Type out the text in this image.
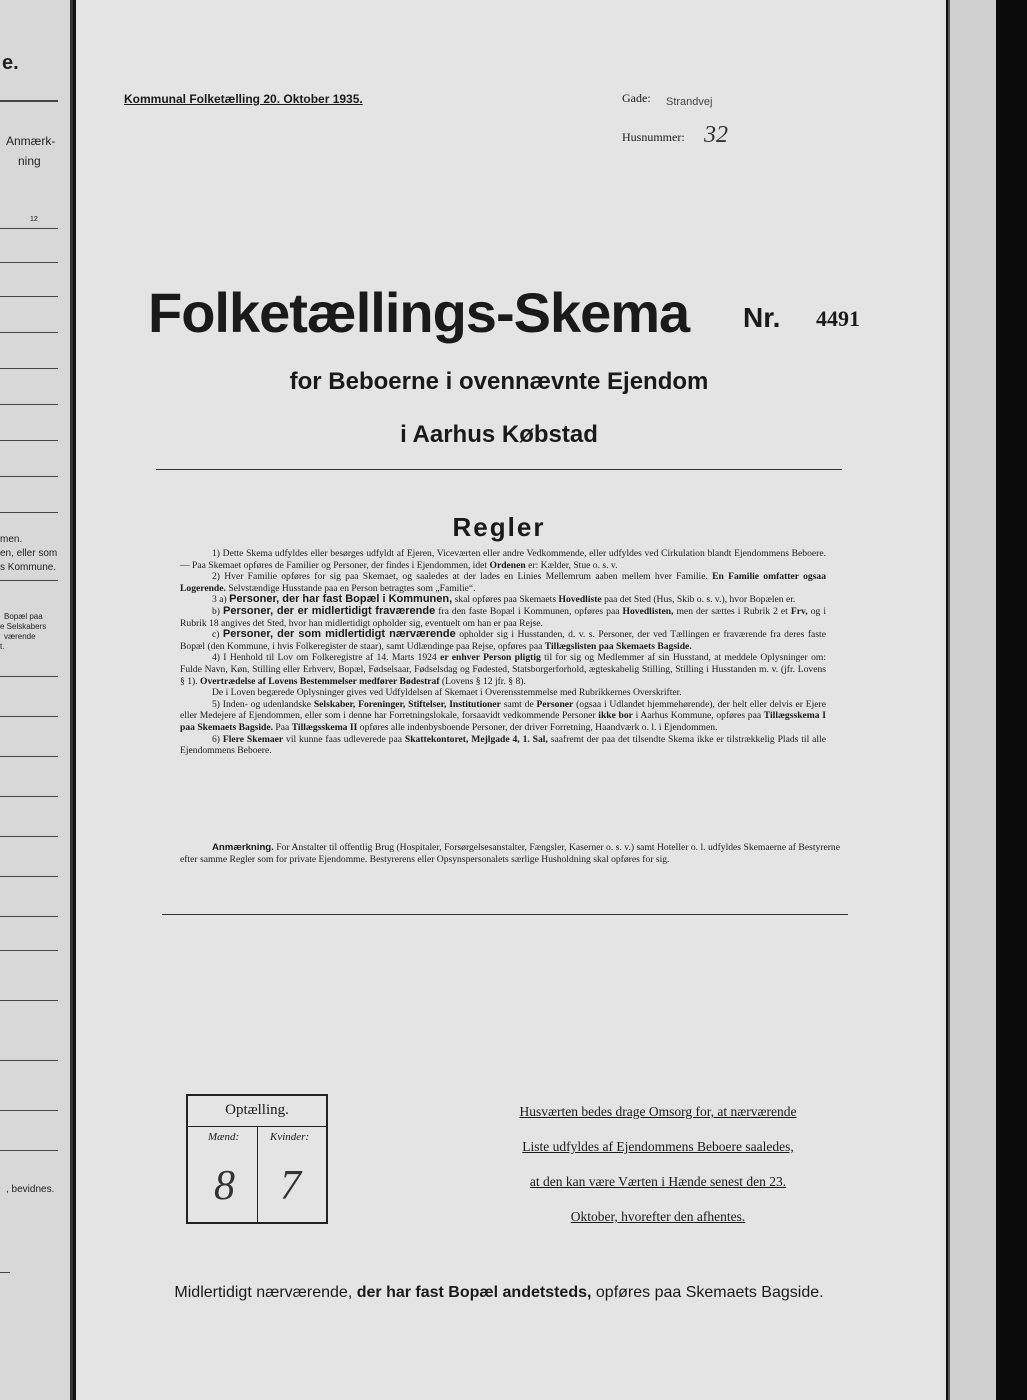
e.
Anmærk-
ning
12
men.
en, eller som
s Kommune.
Bopæl paa
e Selskabers
værende
t.
, bevidnes.
Kommunal Folketælling 20. Oktober 1935.	Gade: Strandvej
Husnummer: 32
Folketællings-Skema Nr. 4491
for Beboerne i ovennævnte Ejendom
i Aarhus Købstad
Regler

1) Dette Skema udfyldes eller besørges udfyldt af Ejeren, Viceværten eller andre Vedkommende, eller udfyldes ved Cirkulation blandt Ejendommens Beboere. — Paa Skemaet opføres de Familier og Personer, der findes i Ejendommen, idet Ordenen er: Kælder, Stue o. s. v.

2) Hver Familie opføres for sig paa Skemaet, og saaledes at der lades en Linies Mellemrum aaben mellem hver Familie. En Familie omfatter ogsaa Logerende. Selvstændige Husstande paa en Person betragtes som „Familie“.

3 a) Personer, der har fast Bopæl i Kommunen, skal opføres paa Skemaets Hovedliste paa det Sted (Hus, Skib o. s. v.), hvor Bopælen er.

b) Personer, der er midlertidigt fraværende fra den faste Bopæl i Kommunen, opføres paa Hovedlisten, men der sættes i Rubrik 2 et Frv, og i Rubrik 18 angives det Sted, hvor han midlertidigt opholder sig, eventuelt om han er paa Rejse.

c) Personer, der som midlertidigt nærværende opholder sig i Husstanden, d. v. s. Personer, der ved Tællingen er fraværende fra deres faste Bopæl (den Kommune, i hvis Folkeregister de staar), samt Udlændinge paa Rejse, opføres paa Tillægslisten paa Skemaets Bagside.

4) I Henhold til Lov om Folkeregistre af 14. Marts 1924 er enhver Person pligtig til for sig og Medlemmer af sin Husstand, at meddele Oplysninger om: Fulde Navn, Køn, Stilling eller Erhverv, Bopæl, Fødselsaar, Fødselsdag og Fødested, Statsborgerforhold, ægteskabelig Stilling, Stilling i Husstanden m. v. (jfr. Lovens § 1). Overtrædelse af Lovens Bestemmelser medfører Bødestraf (Lovens § 12 jfr. § 8).

De i Loven begærede Oplysninger gives ved Udfyldelsen af Skemaet i Overensstemmelse med Rubrikkernes Overskrifter.

5) Inden- og udenlandske Selskaber, Foreninger, Stiftelser, Institutioner samt de Personer (ogsaa i Udlandet hjemmehørende), der helt eller delvis er Ejere eller Medejere af Ejendommen, eller som i denne har Forretningslokale, forsaavidt vedkommende Personer ikke bor i Aarhus Kommune, opføres paa Tillægsskema I paa Skemaets Bagside. Paa Tillægsskema II opføres alle indenbysboende Personer, der driver Forretning, Haandværk o. l. i Ejendommen.

6) Flere Skemaer vil kunne faas udleverede paa Skattekontoret, Mejlgade 4, 1. Sal, saafremt der paa det tilsendte Skema ikke er tilstrækkelig Plads til alle Ejendommens Beboere.

Anmærkning. For Anstalter til offentlig Brug (Hospitaler, Forsørgelsesanstalter, Fængsler, Kaserner o. s. v.) samt Hoteller o. l. udfyldes Skemaerne af Bestyrerne efter samme Regler som for private Ejendomme. Bestyrerens eller Opsynspersonalets særlige Husholdning skal opføres for sig.
Optælling.
Mænd:	Kvinder:
8 7
Husværten bedes drage Omsorg for, at nærværende
Liste udfyldes af Ejendommens Beboere saaledes,
at den kan være Værten i Hænde senest den 23.
Oktober, hvorefter den afhentes.
Midlertidigt nærværende, der har fast Bopæl andetsteds, opføres paa Skemaets Bagside.
